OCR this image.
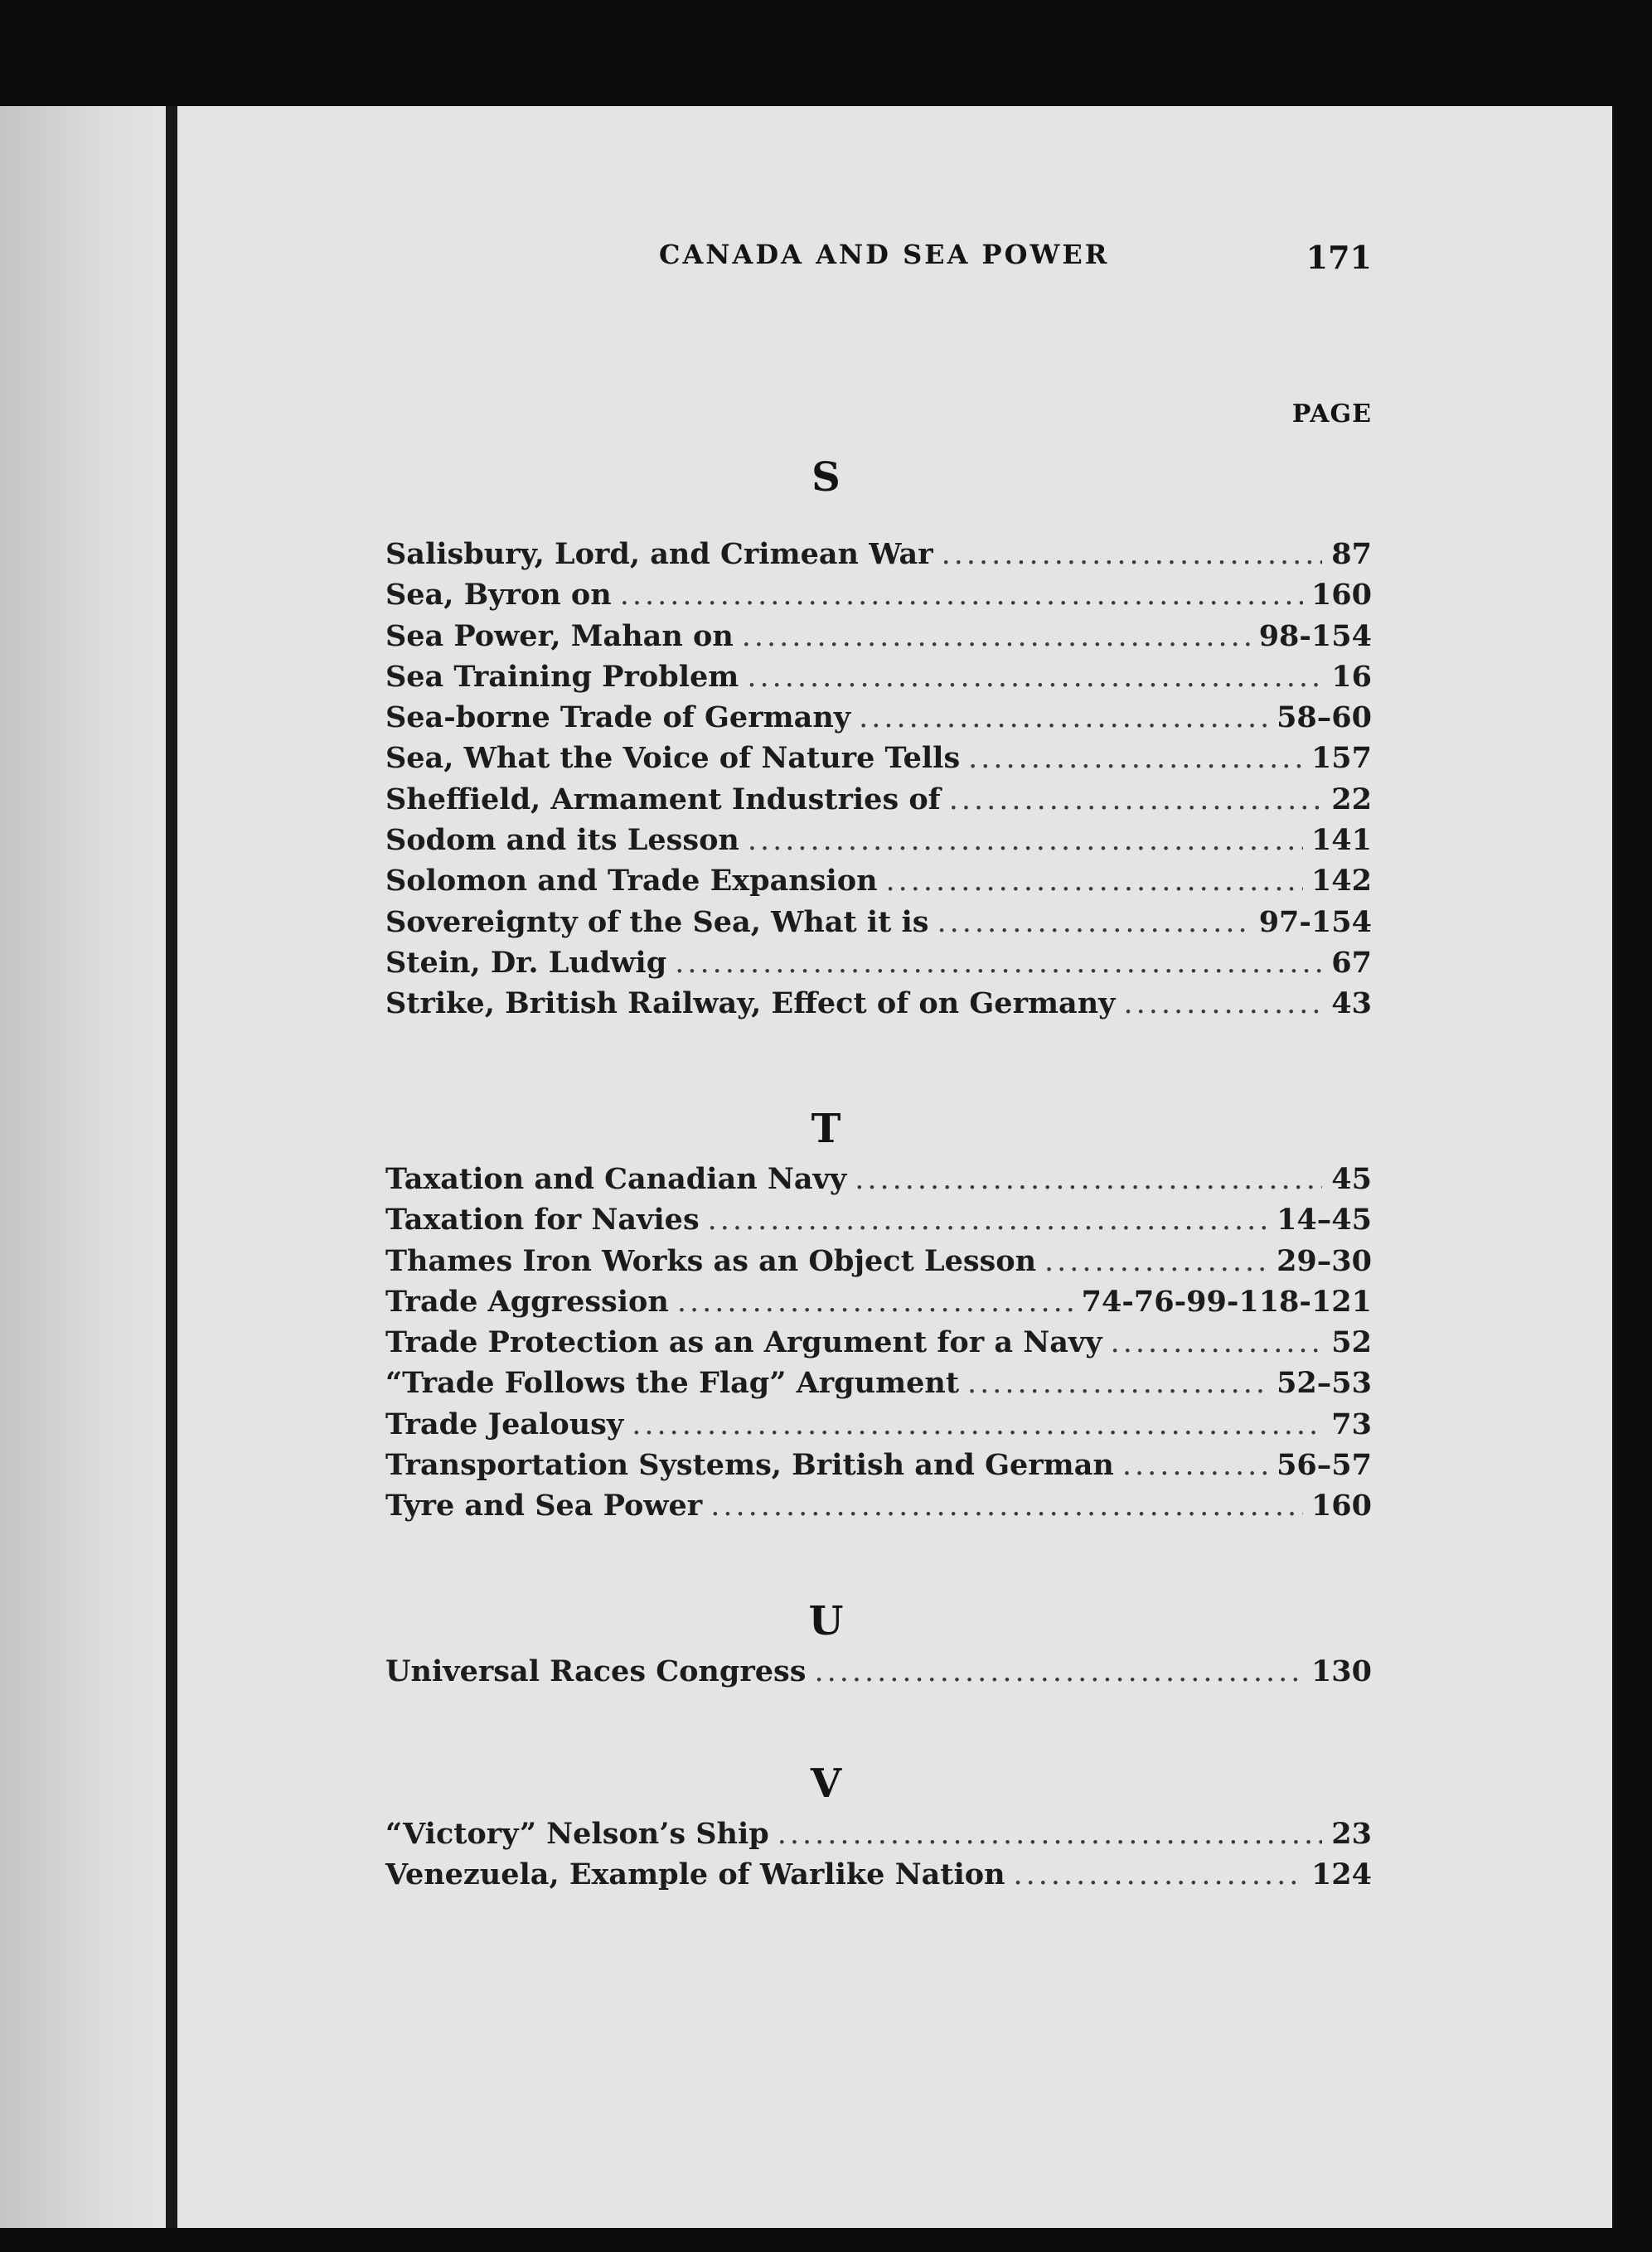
CANADA AND SEA POWER	171
S
PAGE
Salisbury, Lord, and Crimean War .....	87
Sea, Byron on .....	160
Sea Power, Mahan on .....	98-154
Sea Training Problem .....	16
Sea-borne Trade of Germany .....	58–60
Sea, What the Voice of Nature Tells .....	157
Sheffield, Armament Industries of .....	22
Sodom and its Lesson .....	141
Solomon and Trade Expansion .....	142
Sovereignty of the Sea, What it is .....	97-154
Stein, Dr. Ludwig .....	67
Strike, British Railway, Effect of on Germany .....	43
T
Taxation and Canadian Navy .....	45
Taxation for Navies .....	14–45
Thames Iron Works as an Object Lesson .....	29–30
Trade Aggression .....	74-76-99-118-121
Trade Protection as an Argument for a Navy .....	52
“Trade Follows the Flag” Argument .....	52–53
Trade Jealousy .....	73
Transportation Systems, British and German .....	56–57
Tyre and Sea Power .....	160
U
Universal Races Congress .....	130
V
“Victory” Nelson’s Ship .....	23
Venezuela, Example of Warlike Nation .....	124
